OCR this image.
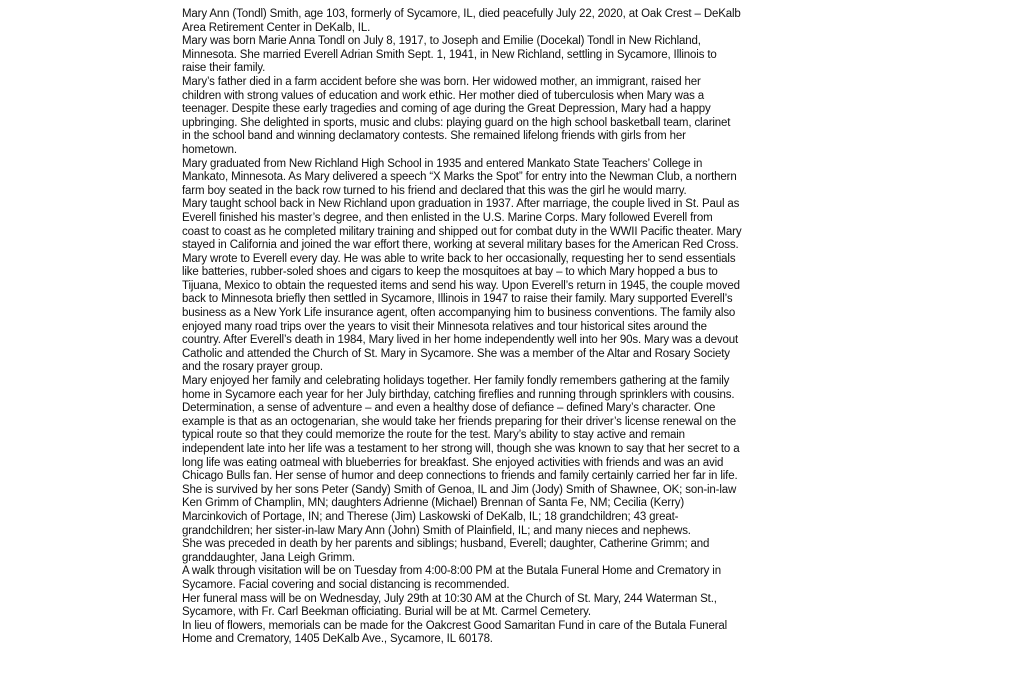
Mary Ann (Tondl) Smith, age 103, formerly of Sycamore, IL, died peacefully July 22, 2020, at Oak Crest – DeKalb Area Retirement Center in DeKalb, IL.

Mary was born Marie Anna Tondl on July 8, 1917, to Joseph and Emilie (Docekal) Tondl in New Richland, Minnesota. She married Everell Adrian Smith Sept. 1, 1941, in New Richland, settling in Sycamore, Illinois to raise their family.

Mary’s father died in a farm accident before she was born. Her widowed mother, an immigrant, raised her children with strong values of education and work ethic. Her mother died of tuberculosis when Mary was a teenager. Despite these early tragedies and coming of age during the Great Depression, Mary had a happy upbringing. She delighted in sports, music and clubs: playing guard on the high school basketball team, clarinet in the school band and winning declamatory contests. She remained lifelong friends with girls from her hometown.

Mary graduated from New Richland High School in 1935 and entered Mankato State Teachers’ College in Mankato, Minnesota. As Mary delivered a speech “X Marks the Spot” for entry into the Newman Club, a northern farm boy seated in the back row turned to his friend and declared that this was the girl he would marry.

Mary taught school back in New Richland upon graduation in 1937. After marriage, the couple lived in St. Paul as Everell finished his master’s degree, and then enlisted in the U.S. Marine Corps. Mary followed Everell from coast to coast as he completed military training and shipped out for combat duty in the WWII Pacific theater. Mary stayed in California and joined the war effort there, working at several military bases for the American Red Cross. Mary wrote to Everell every day. He was able to write back to her occasionally, requesting her to send essentials like batteries, rubber-soled shoes and cigars to keep the mosquitoes at bay – to which Mary hopped a bus to Tijuana, Mexico to obtain the requested items and send his way. Upon Everell’s return in 1945, the couple moved back to Minnesota briefly then settled in Sycamore, Illinois in 1947 to raise their family. Mary supported Everell’s business as a New York Life insurance agent, often accompanying him to business conventions. The family also enjoyed many road trips over the years to visit their Minnesota relatives and tour historical sites around the country. After Everell’s death in 1984, Mary lived in her home independently well into her 90s. Mary was a devout Catholic and attended the Church of St. Mary in Sycamore. She was a member of the Altar and Rosary Society and the rosary prayer group.

Mary enjoyed her family and celebrating holidays together. Her family fondly remembers gathering at the family home in Sycamore each year for her July birthday, catching fireflies and running through sprinklers with cousins. Determination, a sense of adventure – and even a healthy dose of defiance – defined Mary’s character. One example is that as an octogenarian, she would take her friends preparing for their driver’s license renewal on the typical route so that they could memorize the route for the test. Mary’s ability to stay active and remain independent late into her life was a testament to her strong will, though she was known to say that her secret to a long life was eating oatmeal with blueberries for breakfast. She enjoyed activities with friends and was an avid Chicago Bulls fan. Her sense of humor and deep connections to friends and family certainly carried her far in life.

She is survived by her sons Peter (Sandy) Smith of Genoa, IL and Jim (Jody) Smith of Shawnee, OK; son-in-law Ken Grimm of Champlin, MN; daughters Adrienne (Michael) Brennan of Santa Fe, NM; Cecilia (Kerry) Marcinkovich of Portage, IN; and Therese (Jim) Laskowski of DeKalb, IL; 18 grandchildren; 43 great-grandchildren; her sister-in-law Mary Ann (John) Smith of Plainfield, IL; and many nieces and nephews.

She was preceded in death by her parents and siblings; husband, Everell; daughter, Catherine Grimm; and granddaughter, Jana Leigh Grimm.

A walk through visitation will be on Tuesday from 4:00-8:00 PM at the Butala Funeral Home and Crematory in Sycamore. Facial covering and social distancing is recommended.

Her funeral mass will be on Wednesday, July 29th at 10:30 AM at the Church of St. Mary, 244 Waterman St., Sycamore, with Fr. Carl Beekman officiating. Burial will be at Mt. Carmel Cemetery.

In lieu of flowers, memorials can be made for the Oakcrest Good Samaritan Fund in care of the Butala Funeral Home and Crematory, 1405 DeKalb Ave., Sycamore, IL 60178.
